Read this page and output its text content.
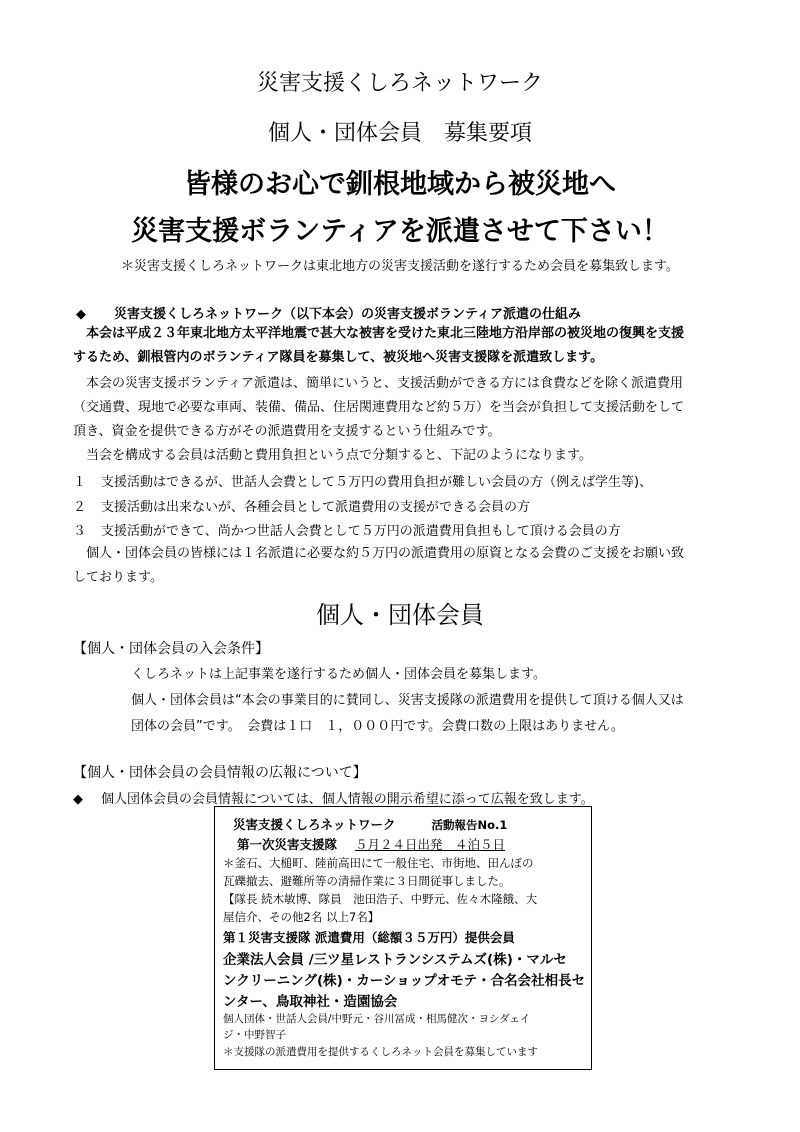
災害支援くしろネットワーク
個人・団体会員　募集要項
皆様のお心で釧根地域から被災地へ
災害支援ボランティアを派遣させて下さい！
＊災害支援くしろネットワークは東北地方の災害支援活動を遂行するため会員を募集致します。
◆ 災害支援くしろネットワーク（以下本会）の災害支援ボランティア派遣の仕組み
本会は平成２３年東北地方太平洋地震で甚大な被害を受けた東北三陸地方沿岸部の被災地の復興を支援
するため、釧根管内のボランティア隊員を募集して、被災地へ災害支援隊を派遣致します。
本会の災害支援ボランティア派遣は、簡単にいうと、支援活動ができる方には食費などを除く派遣費用
（交通費、現地で必要な車両、装備、備品、住居関連費用など約５万）を当会が負担して支援活動をして
頂き、資金を提供できる方がその派遣費用を支援するという仕組みです。
当会を構成する会員は活動と費用負担という点で分類すると、下記のようになります。
１ 支援活動はできるが、世話人会費として５万円の費用負担が難しい会員の方（例えば学生等)、
２ 支援活動は出来ないが、各種会員として派遣費用の支援ができる会員の方
３ 支援活動ができて、尚かつ世話人会費として５万円の派遣費用負担もして頂ける会員の方
個人・団体会員の皆様には１名派遣に必要な約５万円の派遣費用の原資となる会費のご支援をお願い致
しております。
個人・団体会員
【個人・団体会員の入会条件】
くしろネットは上記事業を遂行するため個人・団体会員を募集します。
個人・団体会員は“本会の事業目的に賛同し、災害支援隊の派遣費用を提供して頂ける個人又は
団体の会員”です。　会費は１口　１，０００円です。会費口数の上限はありません。
【個人・団体会員の会員情報の広報について】
◆ 個人団体会員の会員情報については、個人情報の開示希望に添って広報を致します。
災害支援くしろネットワーク	活動報告No.1
第一次災害支援隊 ５月２４日出発　４泊５日
＊釜石、大槌町、陸前高田にて一般住宅、市街地、田んぼの
瓦礫撤去、避難所等の清掃作業に３日間従事しました。
【隊長 続木敏博、隊員　池田浩子、中野元、佐々木隆餓、大
屋信介、その他2名 以上7名】
第１災害支援隊 派遣費用（総額３５万円）提供会員
企業法人会員 /三ツ星レストランシステムズ(株)・マルセ
ンクリーニング(株)・カーショップオモテ・合名会社相長セ
ンター、鳥取神社・造園協会
個人団体・世話人会員/中野元・谷川冨成・相馬健次・ヨシダェイ
ジ・中野智子
＊支援隊の派遣費用を提供するくしろネット会員を募集しています
